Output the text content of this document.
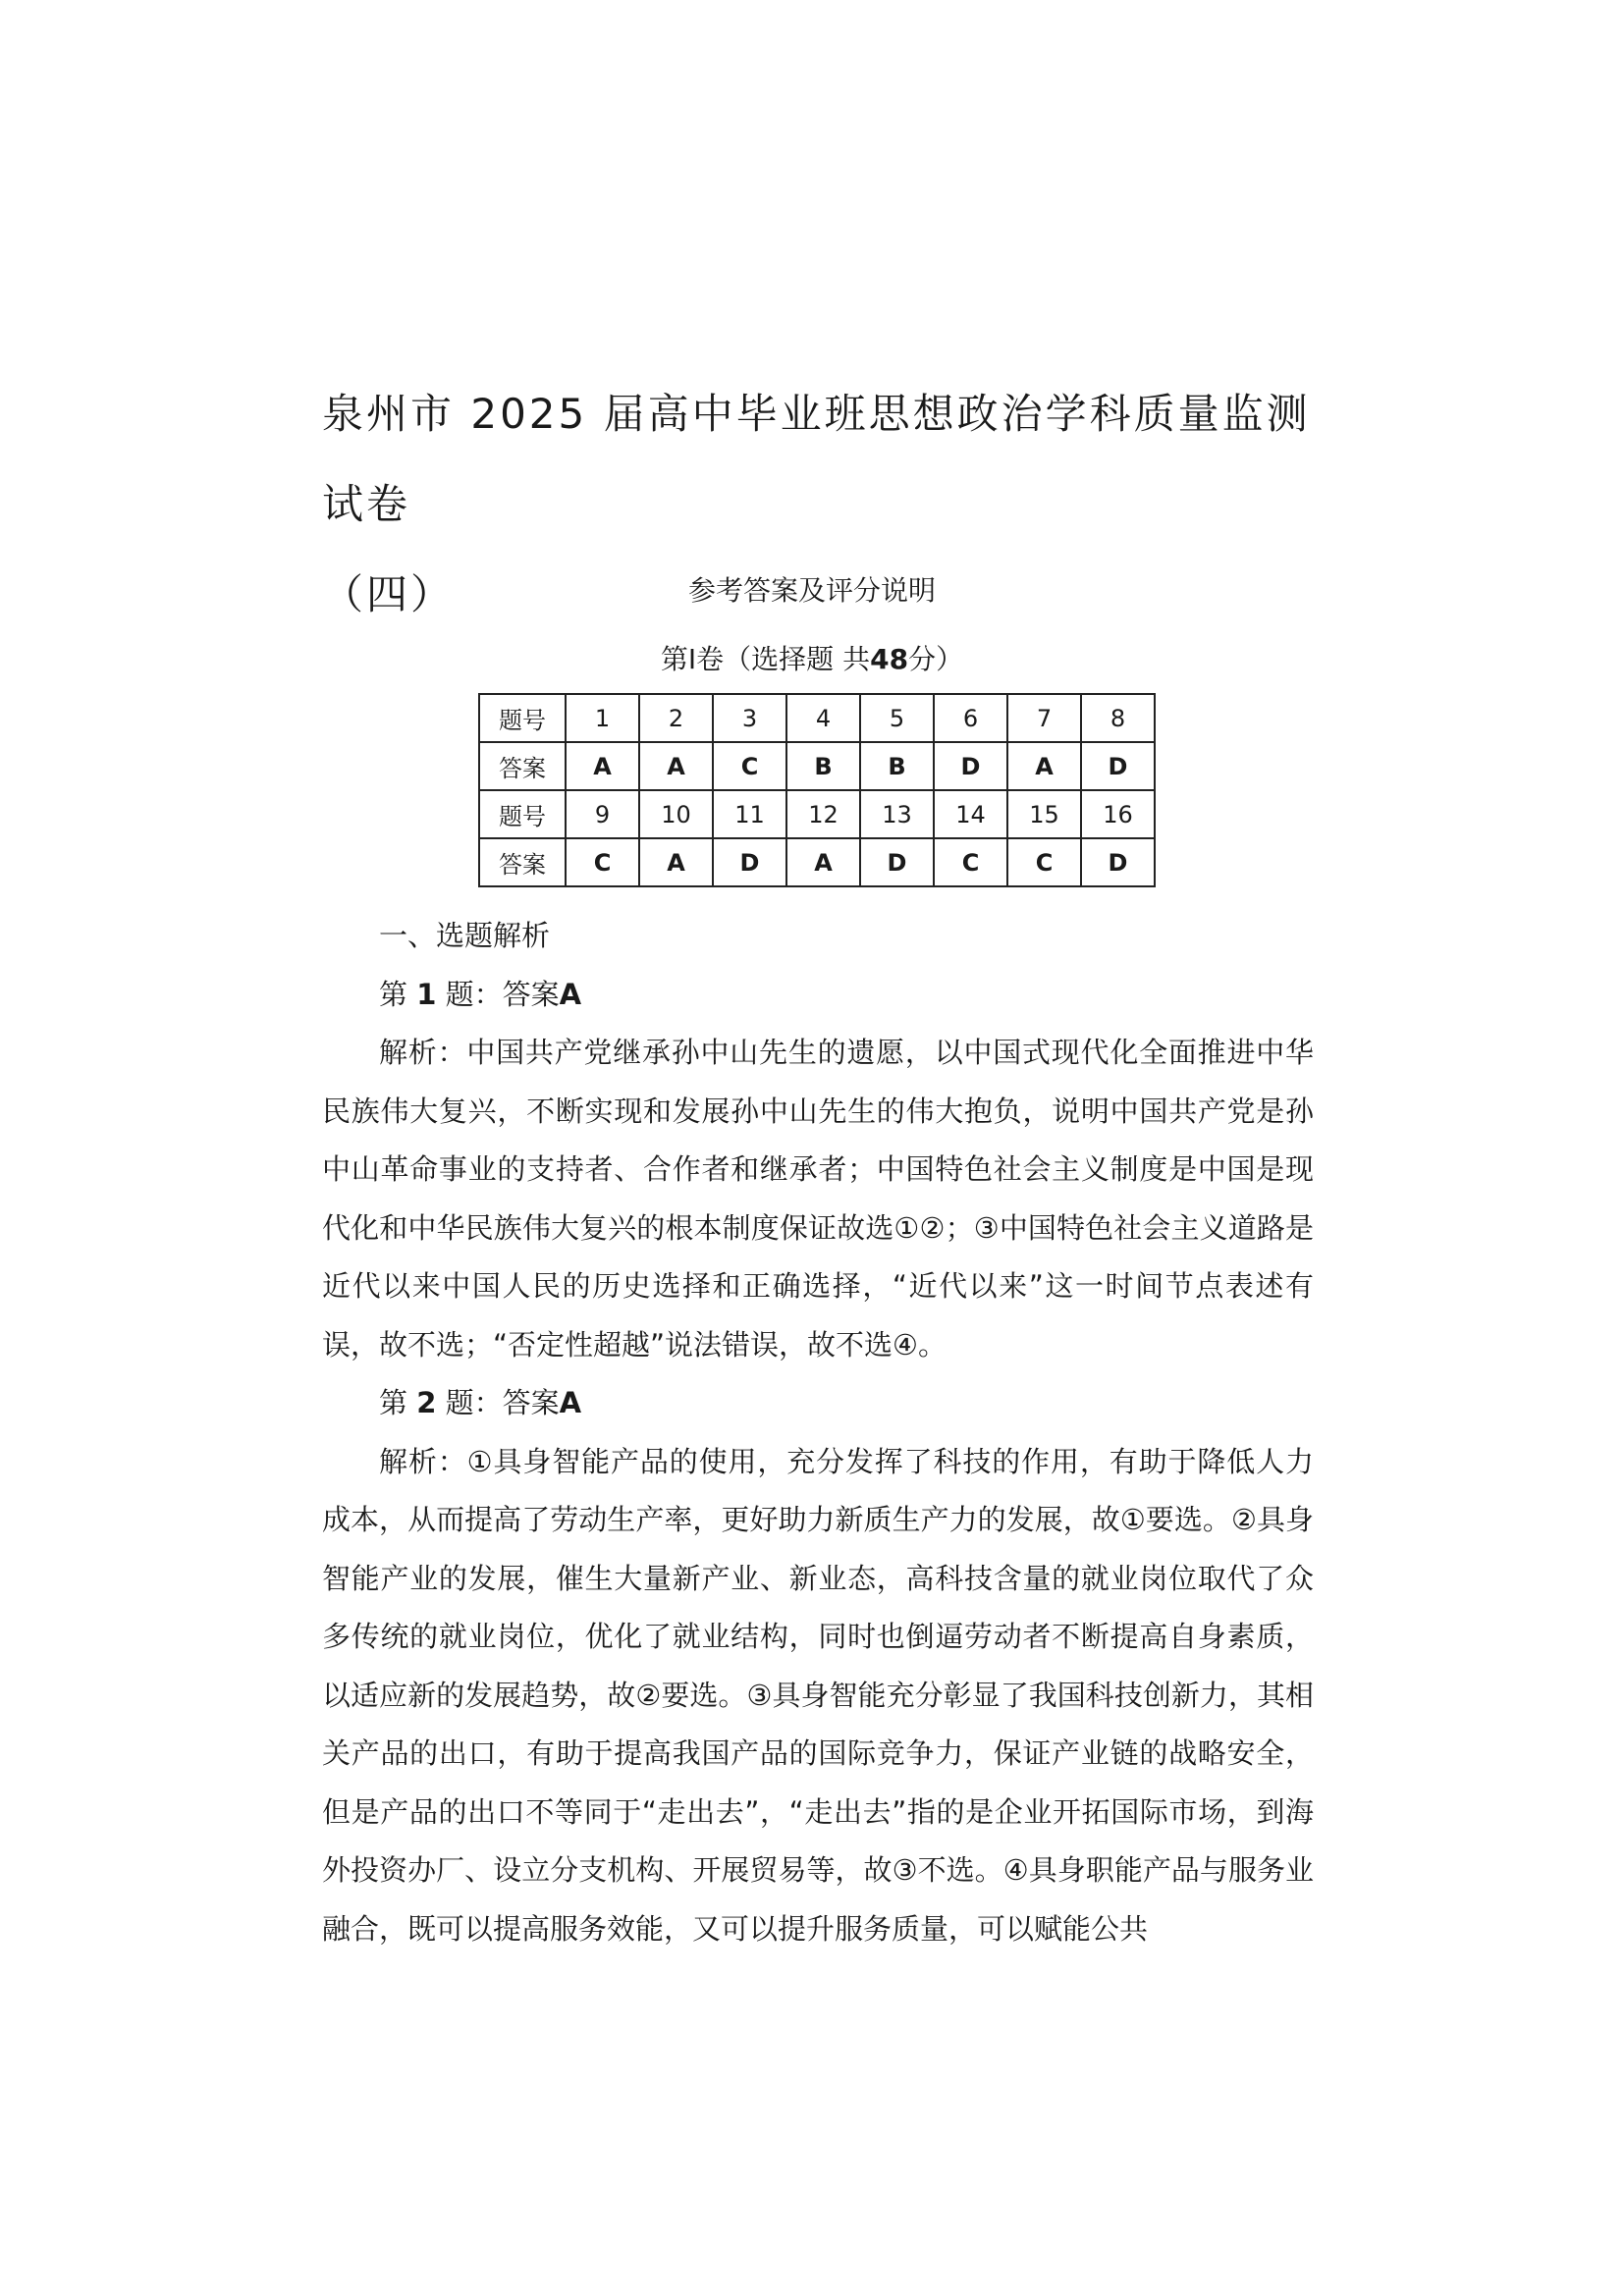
泉州市 2025 届高中毕业班思想政治学科质量监测试卷
（四）	参考答案及评分说明

第Ⅰ卷（选择题 共48分）

题号	1	2	3	4	5	6	7	8
答案	A	A	C	B	B	D	A	D
题号	9	10	11	12	13	14	15	16
答案	C	A	D	A	D	C	C	D

一、选题解析

第 1 题：答案A

解析：中国共产党继承孙中山先生的遗愿，以中国式现代化全面推进中华民族伟大复兴，不断实现和发展孙中山先生的伟大抱负，说明中国共产党是孙中山革命事业的支持者、合作者和继承者；中国特色社会主义制度是中国是现代化和中华民族伟大复兴的根本制度保证故选①②；③中国特色社会主义道路是近代以来中国人民的历史选择和正确选择，“近代以来”这一时间节点表述有误，故不选；“否定性超越”说法错误，故不选④。

第 2 题：答案A

解析：①具身智能产品的使用，充分发挥了科技的作用，有助于降低人力成本，从而提高了劳动生产率，更好助力新质生产力的发展，故①要选。②具身智能产业的发展，催生大量新产业、新业态，高科技含量的就业岗位取代了众多传统的就业岗位，优化了就业结构，同时也倒逼劳动者不断提高自身素质，以适应新的发展趋势，故②要选。③具身智能充分彰显了我国科技创新力，其相关产品的出口，有助于提高我国产品的国际竞争力，保证产业链的战略安全，但是产品的出口不等同于“走出去”，“走出去”指的是企业开拓国际市场，到海外投资办厂、设立分支机构、开展贸易等，故③不选。④具身职能产品与服务业融合，既可以提高服务效能，又可以提升服务质量，可以赋能公共
